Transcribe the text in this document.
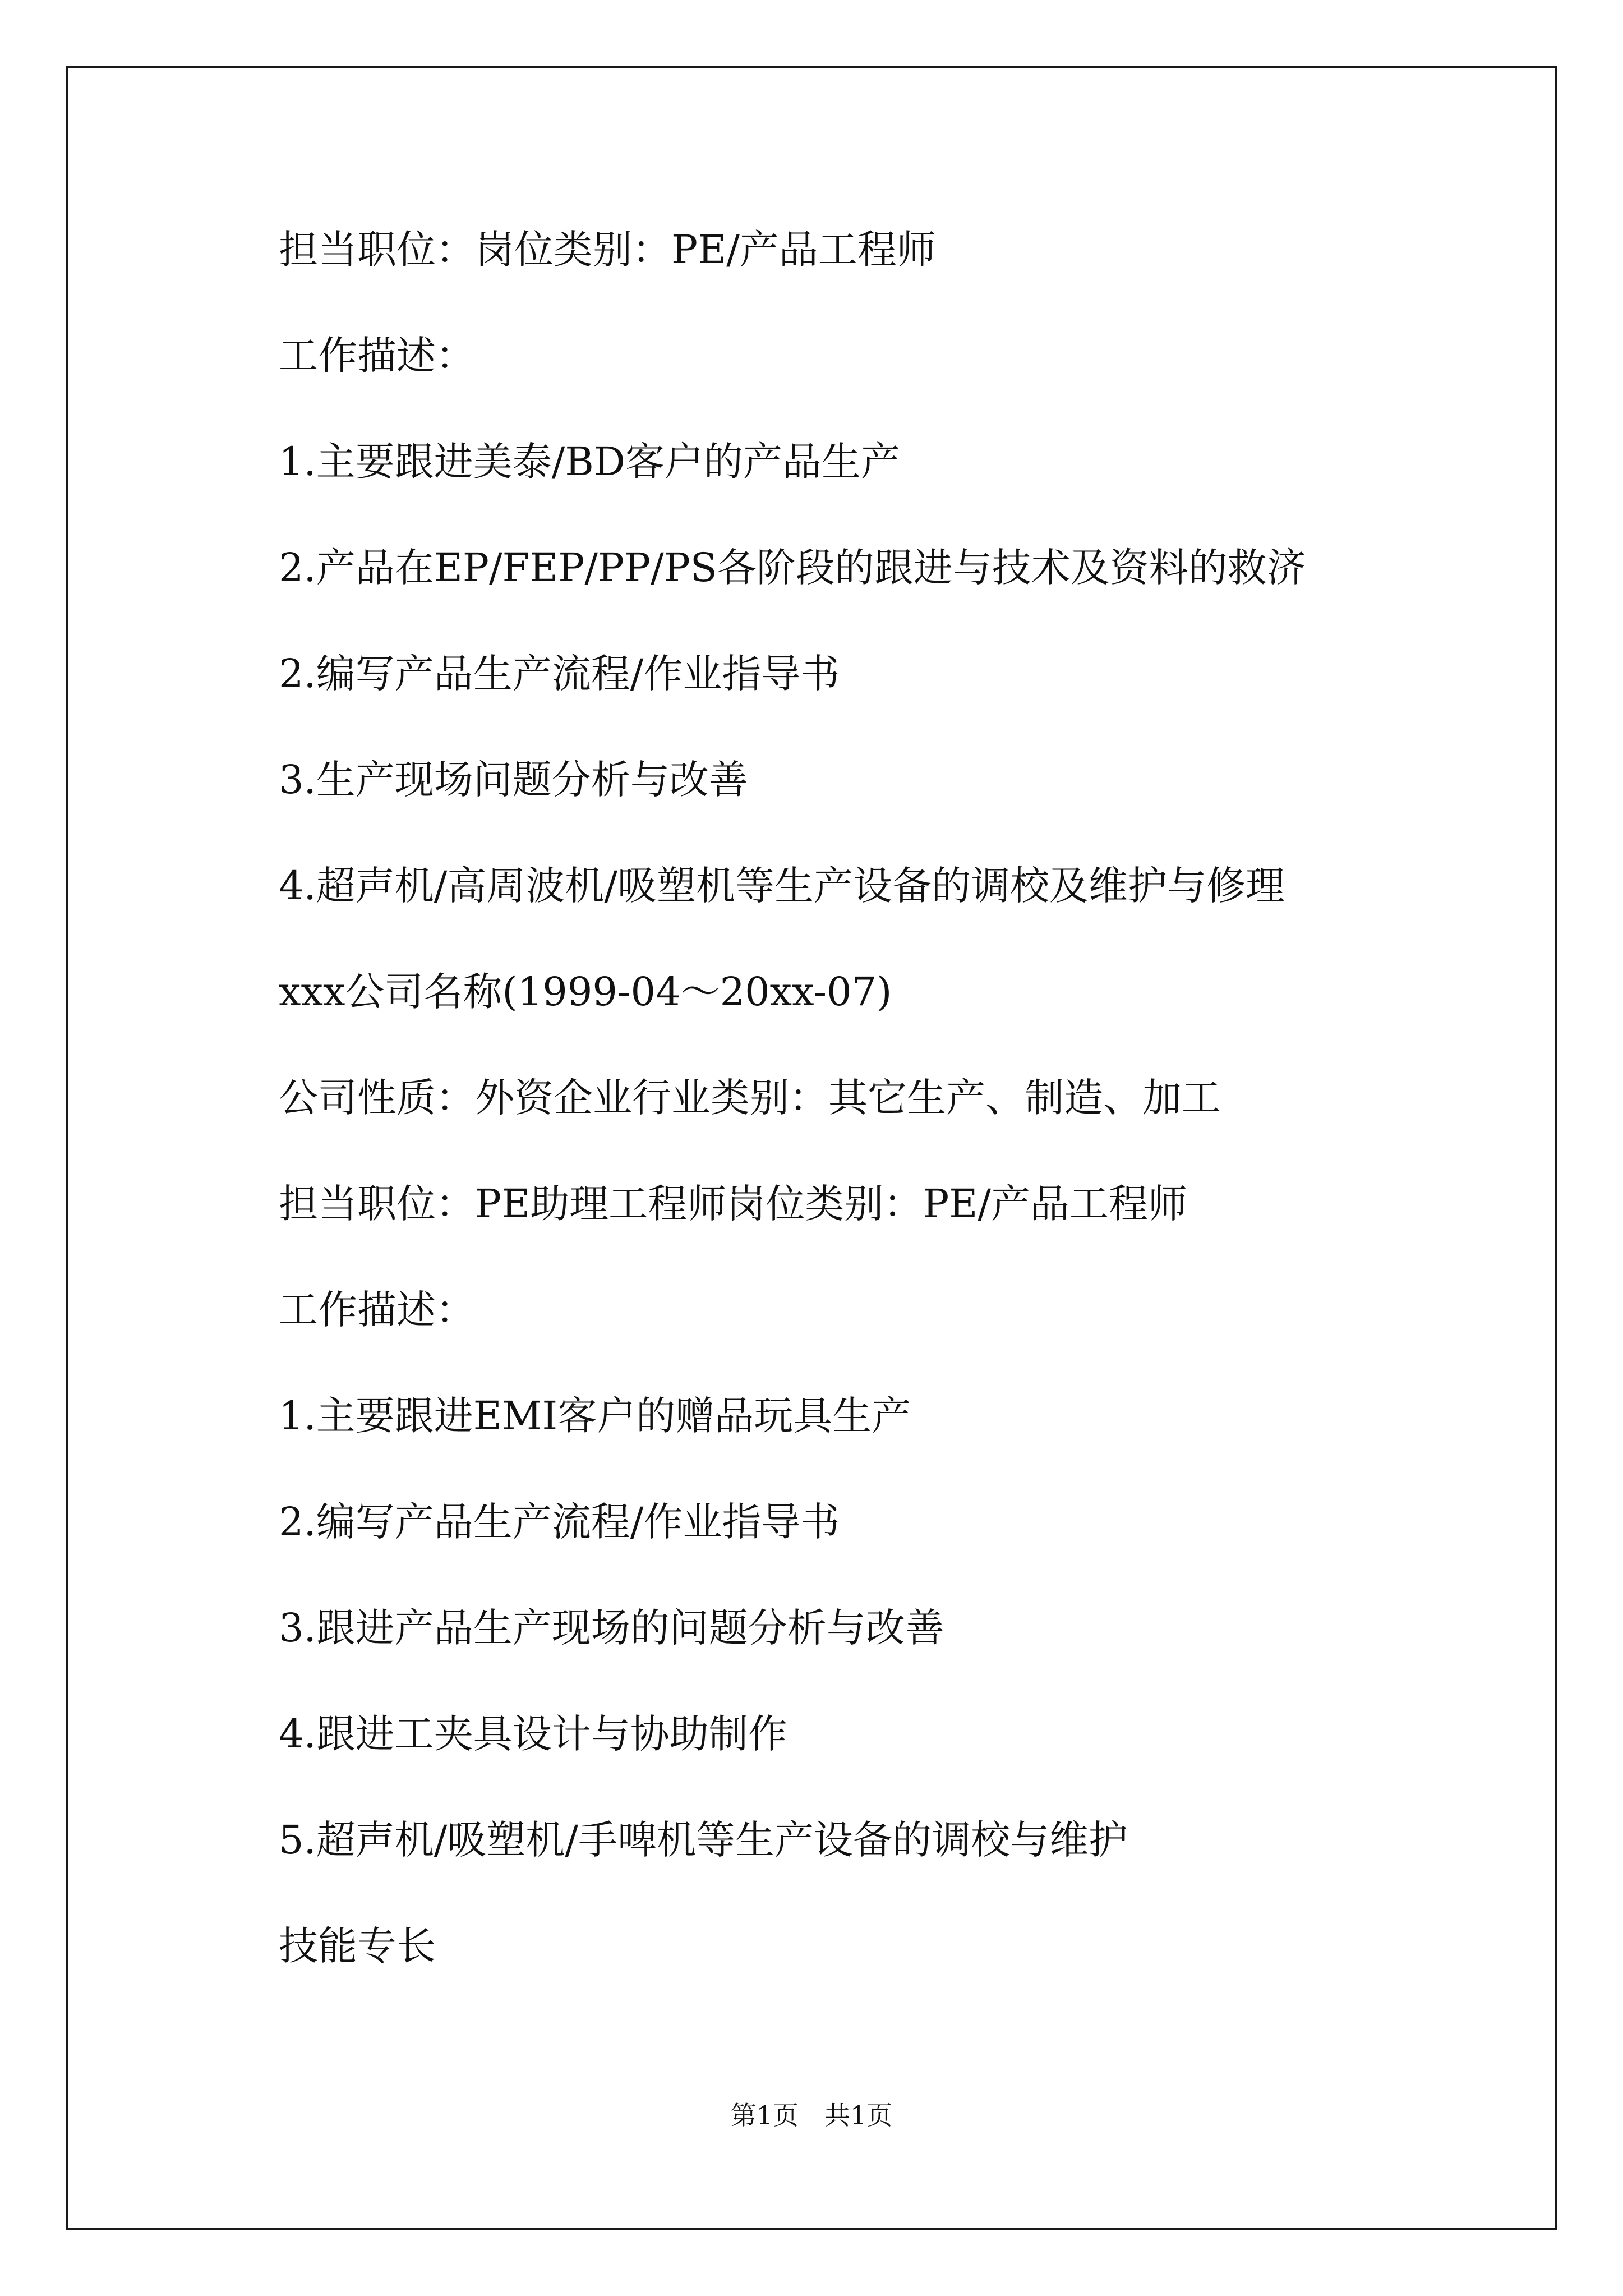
担当职位：岗位类别：PE/产品工程师
工作描述：
1.主要跟进美泰/BD客户的产品生产
2.产品在EP/FEP/PP/PS各阶段的跟进与技术及资料的救济
2.编写产品生产流程/作业指导书
3.生产现场问题分析与改善
4.超声机/高周波机/吸塑机等生产设备的调校及维护与修理
xxx公司名称(1999-04～20xx-07)
公司性质：外资企业行业类别：其它生产、制造、加工
担当职位：PE助理工程师岗位类别：PE/产品工程师
工作描述：
1.主要跟进EMI客户的赠品玩具生产
2.编写产品生产流程/作业指导书
3.跟进产品生产现场的问题分析与改善
4.跟进工夹具设计与协助制作
5.超声机/吸塑机/手啤机等生产设备的调校与维护
技能专长
第1页　共1页
